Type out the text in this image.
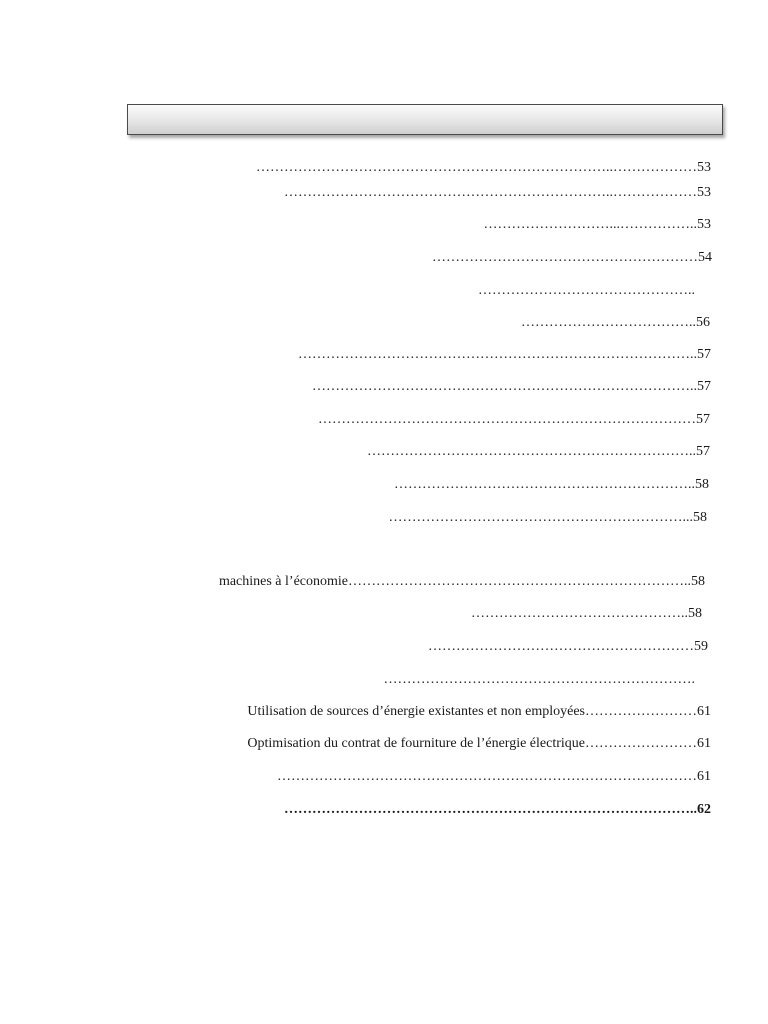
…………………………………………………………………..………………53
……………………………………………………………..………………53
………………………...……………..53
…………………………………………………54
………………………………………..
………………………………..56
…………………………………………………………………………..57
………………………………………………………………………..57
………………………………………………………………………57
……………………………………………………………..57
………………………………………………………..58
………………………………………………………...58
machines à l’économie………………………………………………………………..58
………………………………………..58
…………………………………………………59
………………………………………………………….
Utilisation de sources d’énergie existantes et non employées……………………61
Optimisation du contrat de fourniture de l’énergie électrique……………………61
………………………………………………………………………………61
……………………………………………………………………………..62
